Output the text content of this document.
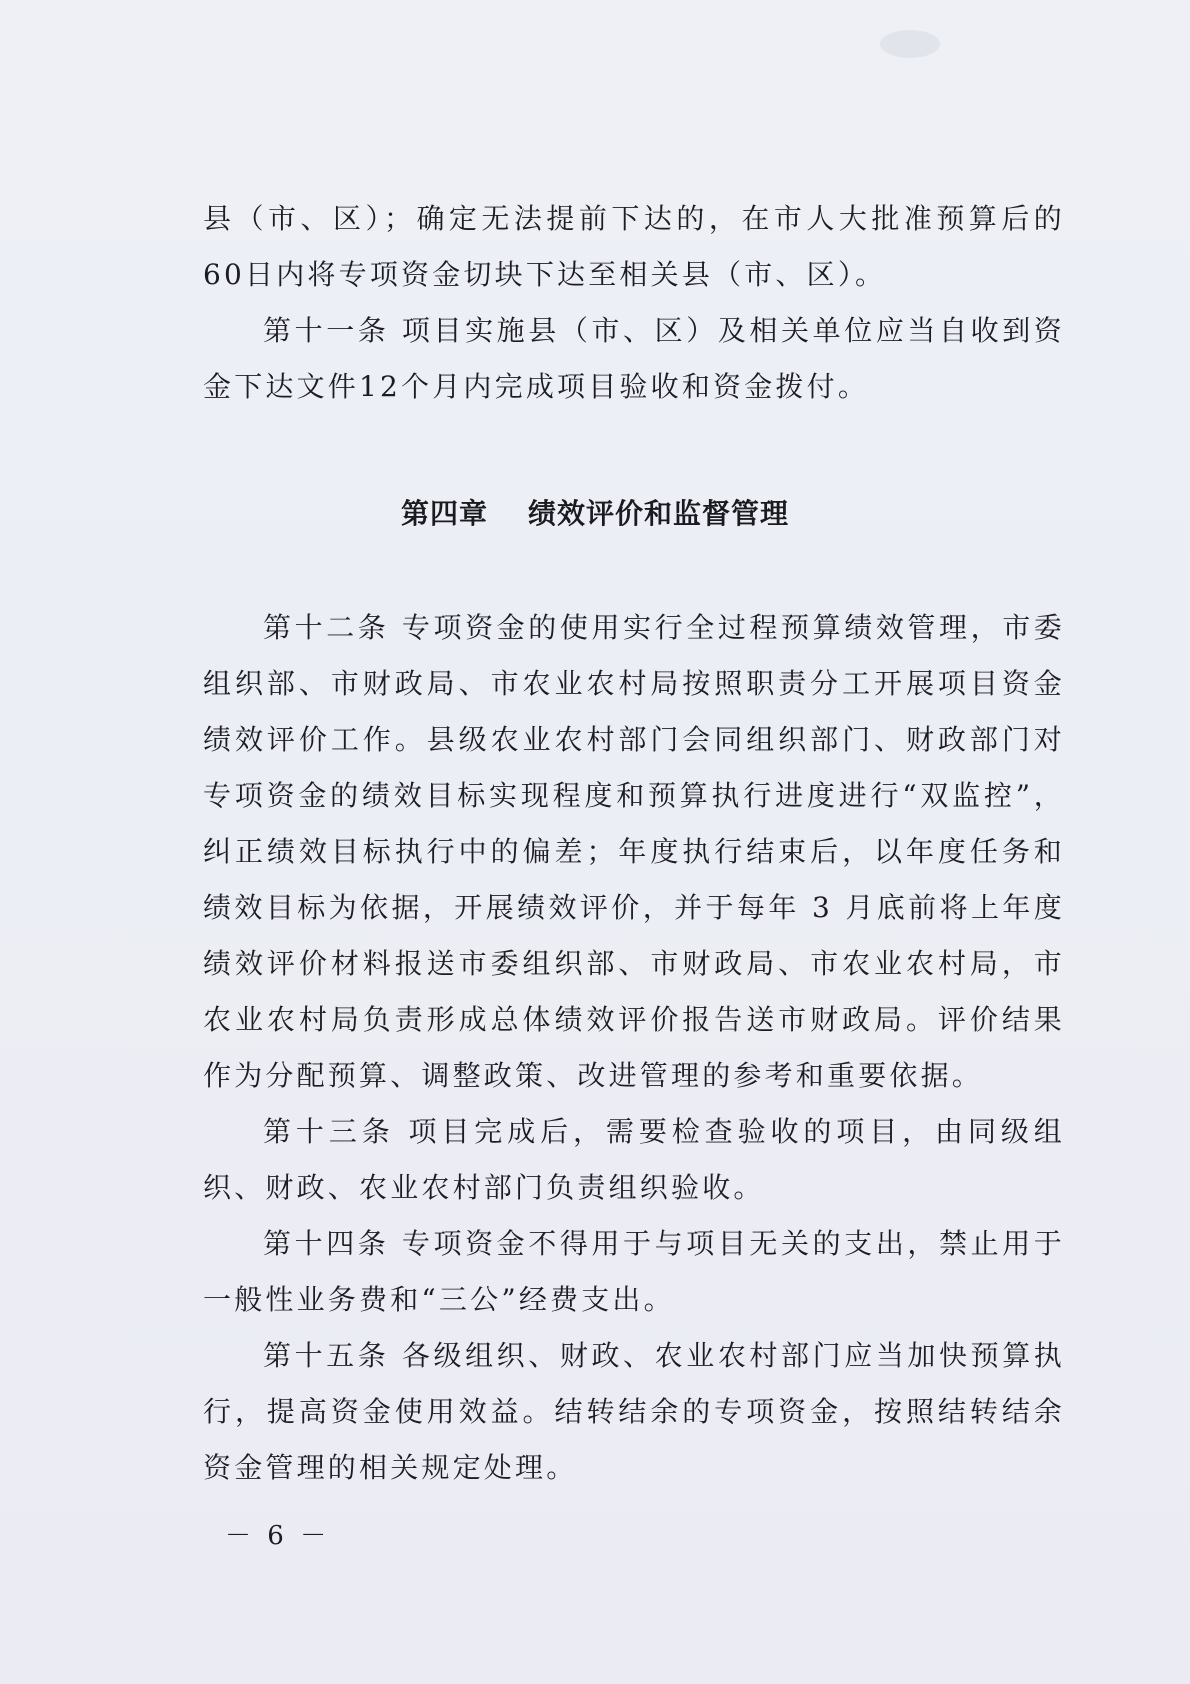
县（市、区）；确定无法提前下达的，在市人大批准预算后的60日内将专项资金切块下达至相关县（市、区）。

第十一条 项目实施县（市、区）及相关单位应当自收到资金下达文件12个月内完成项目验收和资金拨付。

第四章 绩效评价和监督管理

第十二条 专项资金的使用实行全过程预算绩效管理，市委组织部、市财政局、市农业农村局按照职责分工开展项目资金绩效评价工作。县级农业农村部门会同组织部门、财政部门对专项资金的绩效目标实现程度和预算执行进度进行“双监控”，纠正绩效目标执行中的偏差；年度执行结束后，以年度任务和绩效目标为依据，开展绩效评价，并于每年 3 月底前将上年度绩效评价材料报送市委组织部、市财政局、市农业农村局，市农业农村局负责形成总体绩效评价报告送市财政局。评价结果作为分配预算、调整政策、改进管理的参考和重要依据。

第十三条 项目完成后，需要检查验收的项目，由同级组织、财政、农业农村部门负责组织验收。

第十四条 专项资金不得用于与项目无关的支出，禁止用于一般性业务费和“三公”经费支出。

第十五条 各级组织、财政、农业农村部门应当加快预算执行，提高资金使用效益。结转结余的专项资金，按照结转结余资金管理的相关规定处理。

－ 6 －
